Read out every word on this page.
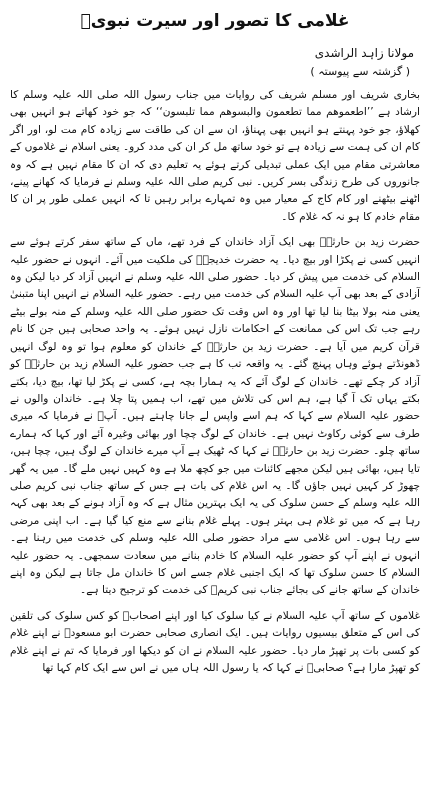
غلامی کا تصور اور سیرت نبویؐ

مولانا زاہد الراشدی

( گزشتہ سے پیوستہ )

بخاری شریف اور مسلم شریف کی روایات میں جناب رسول اللہ صلی اللہ علیہ وسلم کا ارشاد ہے ’’اطعموھم مما تطعمون والبسوھم مما تلبسون‘‘ کہ جو خود کھاتے ہو انہیں بھی کھلاؤ، جو خود پہنتے ہو انہیں بھی پہناؤ، ان سے ان کی طاقت سے زیادہ کام مت لو، اور اگر کام ان کی ہمت سے زیادہ ہے تو خود ساتھ مل کر ان کی مدد کرو۔ یعنی اسلام نے غلاموں کے معاشرتی مقام میں ایک عملی تبدیلی کرتے ہوئے یہ تعلیم دی کہ ان کا مقام نہیں ہے کہ وہ جانوروں کی طرح زندگی بسر کریں۔ نبی کریم صلی اللہ علیہ وسلم نے فرمایا کہ کھانے پینے، اٹھنے بیٹھنے اور کام کاج کے معیار میں وہ تمہارے برابر رہیں تا کہ انہیں عملی طور پر ان کا مقام خادم کا ہو نہ کہ غلام کا۔

حضرت زید بن حارثہؓ بھی ایک آزاد خاندان کے فرد تھے، ماں کے ساتھ سفر کرتے ہوئے سے انہیں کسی نے پکڑا اور بیچ دیا۔ یہ حضرت خدیجہؓ کی ملکیت میں آئے۔ انہوں نے حضور علیہ السلام کی خدمت میں پیش کر دیا۔ حضور صلی اللہ علیہ وسلم نے انہیں آزاد کر دیا لیکن وہ آزادی کے بعد بھی آپ علیہ السلام کی خدمت میں رہے۔ حضور علیہ السلام نے انہیں اپنا متبنیٰ یعنی منہ بولا بیٹا بنا لیا تھا اور وہ اس وقت تک حضور صلی اللہ علیہ وسلم کے منہ بولے بیٹے رہے جب تک اس کی ممانعت کے احکامات نازل نہیں ہوئے۔ یہ واحد صحابی ہیں جن کا نام قرآن کریم میں آیا ہے۔ حضرت زید بن حارثہؓ کے خاندان کو معلوم ہوا تو وہ لوگ انہیں ڈھونڈتے ہوئے وہاں پہنچ گئے۔ یہ واقعہ تب کا ہے جب حضور علیہ السلام زید بن حارثہؓ کو آزاد کر چکے تھے۔ خاندان کے لوگ آئے کہ یہ ہمارا بچہ ہے، کسی نے پکڑ لیا تھا، بیچ دیا، بکتے بکتے یہاں تک آ گیا ہے، ہم اس کی تلاش میں تھے، اب ہمیں پتا چلا ہے۔ خاندان والوں نے حضور علیہ السلام سے کہا کہ ہم اسے واپس لے جانا چاہتے ہیں۔ آپؐ نے فرمایا کہ میری طرف سے کوئی رکاوٹ نہیں ہے۔ خاندان کے لوگ چچا اور بھائی وغیرہ آئے اور کہا کہ ہمارے ساتھ چلو۔ حضرت زید بن حارثہؓ نے کہا کہ ٹھیک ہے آپ میرے خاندان کے لوگ ہیں، چچا ہیں، تایا ہیں، بھائی ہیں لیکن مجھے کائنات میں جو کچھ ملا ہے وہ کہیں نہیں ملے گا۔ میں یہ گھر چھوڑ کر کہیں نہیں جاؤں گا۔ یہ اس غلام کی بات ہے جس کے ساتھ جناب نبی کریم صلی اللہ علیہ وسلم کے حسن سلوک کی یہ ایک بہترین مثال ہے کہ وہ آزاد ہونے کے بعد بھی کہہ رہا ہے کہ میں تو غلام ہی بہتر ہوں۔ پہلے غلام بنانے سے منع کیا گیا ہے۔ اب اپنی مرضی سے رہا ہوں۔ اس غلامی سے مراد حضور صلی اللہ علیہ وسلم کی خدمت میں رہنا ہے۔ انہوں نے اپنے آپ کو حضور علیہ السلام کا خادم بنانے میں سعادت سمجھی۔ یہ حضور علیہ السلام کا حسن سلوک تھا کہ ایک اجنبی غلام جسے اس کا خاندان مل جاتا ہے لیکن وہ اپنے خاندان کے ساتھ جانے کی بجائے جناب نبی کریمؐ کی خدمت کو ترجیح دیتا ہے۔

غلاموں کے ساتھ آپ علیہ السلام نے کیا سلوک کیا اور اپنے اصحابؓ کو کس سلوک کی تلقین کی اس کے متعلق بیسیوں روایات ہیں۔ ایک انصاری صحابی حضرت ابو مسعودؓ نے اپنے غلام کو کسی بات پر تھپڑ مار دیا۔ حضور علیہ السلام نے ان کو دیکھا اور فرمایا کہ تم نے اپنے غلام کو تھپڑ مارا ہے؟ صحابیؓ نے کہا کہ یا رسول اللہ ہاں میں نے اس سے ایک کام کہا تھا
